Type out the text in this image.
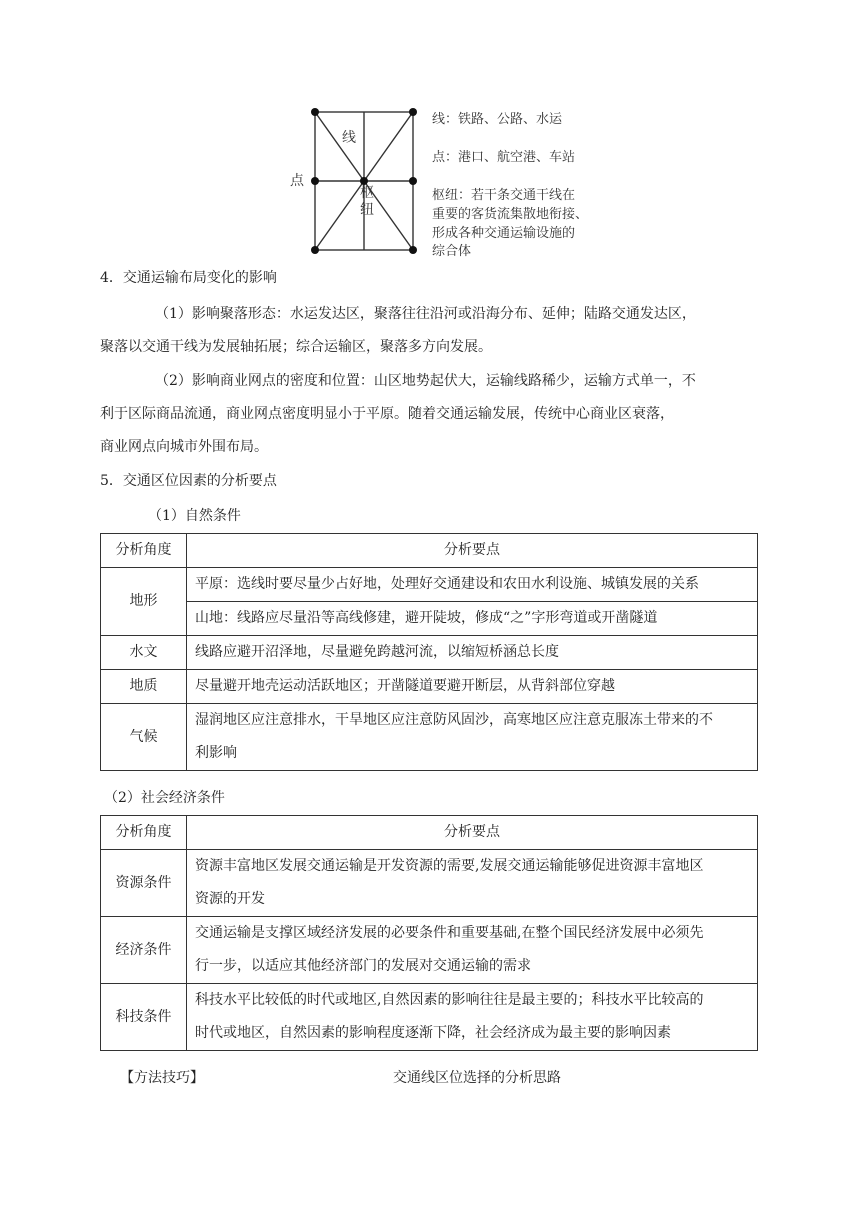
线
点
枢
纽
线：铁路、公路、水运
点：港口、航空港、车站
枢纽：若干条交通干线在
重要的客货流集散地衔接、
形成各种交通运输设施的
综合体

4．交通运输布局变化的影响

（1）影响聚落形态：水运发达区，聚落往往沿河或沿海分布、延伸；陆路交通发达区，

聚落以交通干线为发展轴拓展；综合运输区，聚落多方向发展。

（2）影响商业网点的密度和位置：山区地势起伏大，运输线路稀少，运输方式单一，不

利于区际商品流通，商业网点密度明显小于平原。随着交通运输发展，传统中心商业区衰落，

商业网点向城市外围布局。

5．交通区位因素的分析要点

（1）自然条件

分析角度	分析要点
地形	平原：选线时要尽量少占好地，处理好交通建设和农田水利设施、城镇发展的关系
	山地：线路应尽量沿等高线修建，避开陡坡，修成“之”字形弯道或开凿隧道
水文	线路应避开沼泽地，尽量避免跨越河流，以缩短桥涵总长度
地质	尽量避开地壳运动活跃地区；开凿隧道要避开断层，从背斜部位穿越
气候	湿润地区应注意排水，干旱地区应注意防风固沙，高寒地区应注意克服冻土带来的不
利影响

（2）社会经济条件

分析角度	分析要点
资源条件	资源丰富地区发展交通运输是开发资源的需要,发展交通运输能够促进资源丰富地区
资源的开发

经济条件	交通运输是支撑区域经济发展的必要条件和重要基础,在整个国民经济发展中必须先
行一步，以适应其他经济部门的发展对交通运输的需求

科技条件	科技水平比较低的时代或地区,自然因素的影响往往是最主要的；科技水平比较高的
时代或地区，自然因素的影响程度逐渐下降，社会经济成为最主要的影响因素

【方法技巧】	交通线区位选择的分析思路
